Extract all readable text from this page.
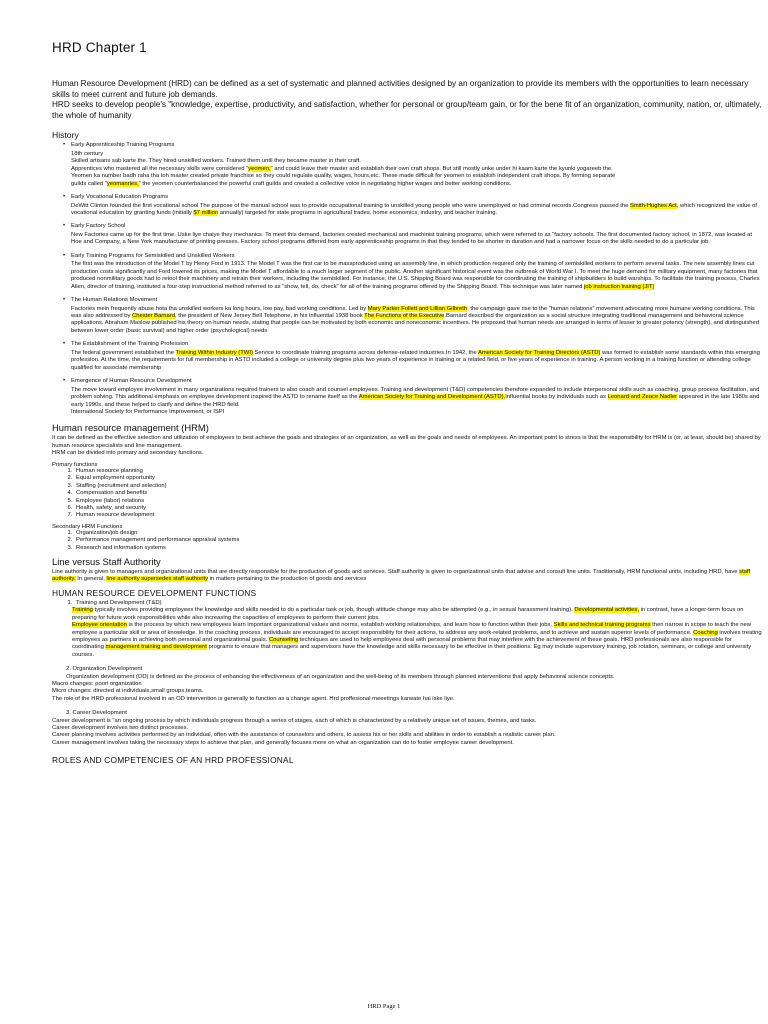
HRD Chapter 1

Human Resource Development (HRD) can be defined as a set of systematic and planned activities designed by an organization to provide its members with the opportunities to learn necessary skills to meet current and future job demands.
HRD seeks to develop people's "knowledge, expertise, productivity, and satisfaction, whether for personal or group/team gain, or for the bene fit of an organization, community, nation, or, ultimately, the whole of humanity

History

• Early Apprenticeship Training Programs

18th century

Skilled artisans sab karte the. They hired unskilled workers. Trained them until they became master in their craft.

Apprentices who mastered all the necessary skills were considered "yeomen," and could leave their master and establish their own craft shops. But still mostly unke under hi kaam karte the kyunki yogareeb the.

Yeomen ka number badh raha tha toh master created private franchise so they could regulate quality, wages, hours,etc. These made difficult for yeomen to establish independent craft shops. By forming separate

guilds called "yeomanries," the yeomen counterbalanced the powerful craft guilds and created a collective voice in negotiating higher wages and better working conditions.

• Early Vocational Education Programs

DeWitt Clinton founded the first vocational school The purpose of the manual school was to provide occupational training to unskilled young people who were unemployed or had criminal records.Congress passed the Smith-Hughes Act, which recognized the value of vocational education by granting funds (initially $7 million annually) targeted for state programs in agricultural trades, home economics, industry, and teacher training.

• Early Factory School

New Factories came up for the first time. Uske liye chaiye they mechanics. To meet this demand, factories created mechanical and machinist training programs, which were referred to as "factory schools. The first documented factory school, in 1872, was located at Hoe and Company, a New York manufacturer of printing presses. Factory school programs differed from early apprenticeship programs in that they tended to be shorter in duration and had a narrower focus on the skills needed to do a particular job.

• Early Training Programs for Semiskilled and Unskilled Workers

The first was the introduction of the Model T by Henry Ford in 1913. The Model T was the first car to be massproduced using an assembly line, in which production required only the training of semiskilled workers to perform several tasks. The new assembly lines cut production costs significantly and Ford lowered its prices, making the Model T affordable to a much larger segment of the public. Another significant historical event was the outbreak of World War I. To meet the huge demand for military equipment, many factories that produced nonmilitary goods had to retool their machinery and retrain their workers, including the semiskilled. For instance, the U.S. Shipping Board was responsible for coordinating the training of shipbuilders to build warships. To facilitate the training process, Charles Allen, director of training, instituted a four-step instructional method referred to as "show, tell, do, check" for all of the training programs offered by the Shipping Board. This technique was later named job instruction training (JIT)

• The Human Relations Movement

Factories mein frequently abuse hota tha unskilled workers ka long hours, low pay, bad working conditions. Led by Mary Parker Follett and Lillian Gilbreth, the campaign gave rise to the "human relations" movement advocating more humane working conditions. This was also addressed by Chester Barnard, the president of New Jersey Bell Telephone, in his influential 1938 book The Functions of the Executive.Barnard described the organization as a social structure integrating traditional management and behavioral science applications. Abraham Maslow published his theory on human needs, stating that people can be motivated by both economic and noneconomic incentives. He proposed that human needs are arranged in terms of lesser to greater potency (strength), and distinguished between lower order (basic survival) and higher order (psychological) needs

• The Establishment of the Training Profession

The federal government established the Training Within Industry (TWI) Service to coordinate training programs across defense-related industries.In 1942, the American Society for Training Directors (ASTD) was formed to establish some standards within this emerging profession. At the time, the requirements for full membership in ASTD included a college or university degree plus two years of experience in training or a related field, or five years of experience in training. A person working in a training function or attending college qualified for associate membership

• Emergence of Human Resource Development

The move toward employee involvement in many organizations required trainers to also coach and counsel employees. Training and development (T&D) competencies therefore expanded to include interpersonal skills such as coaching, group process facilitation, and problem solving. This additional emphasis on employee development inspired the ASTD to rename itself as the American Society for Training and Development (ASTD).Influential books by individuals such as Leonard and Zeace Nadler appeared in the late 1980s and early 1990s, and these helped to clarify and define the HRD field.

International Society for Performance Improvement, or ISPI

Human resource management (HRM)

It can be defined as the effective selection and utilization of employees to best achieve the goals and strategies of an organization, as well as the goals and needs of employees. An important point to stress is that the responsibility for HRM is (or, at least, should be) shared by human resource specialists and line management.

HRM can be divided into primary and secondary functions.

Primary functions

1. Human resource planning
2. Equal employment opportunity
3. Staffing (recruitment and selection)
4. Compensation and benefits
5. Employee (labor) relations
6. Health, safety, and security
7. Human resource development

Secondary HRM Functions

1. Organization/job design
2. Performance management and performance appraisal systems
3. Research and information systems
Line versus Staff Authority

Line authority is given to managers and organizational units that are directly responsible for the production of goods and services. Staff authority is given to organizational units that advise and consult line units. Traditionally, HRM functional units, including HRD, have staff authority. In general, line authority supersedes staff authority in matters pertaining to the production of goods and services

HUMAN RESOURCE DEVELOPMENT FUNCTIONS
1. Training and Development (T&D)

Training typically involves providing employees the knowledge and skills needed to do a particular task or job, though attitude change may also be attempted (e.g., in sexual harassment training). Developmental activities, in contrast, have a longer-term focus on preparing for future work responsibilities while also increasing the capacities of employees to perform their current jobs.

Employee orientation is the process by which new employees learn important organizational values and norms, establish working relationships, and learn how to function within their jobs. Skills and technical training programs then narrow in scope to teach the new employee a particular skill or area of knowledge. In the coaching process, individuals are encouraged to accept responsibility for their actions, to address any work-related problems, and to achieve and sustain superior levels of performance. Coaching involves treating employees as partners in achieving both personal and organizational goals. Counseling techniques are used to help employees deal with personal problems that may interfere with the achievement of these goals. HRD professionals are also responsible for coordinating management training and development programs to ensure that managers and supervisors have the knowledge and skills necessary to be effective in their positions. Eg may include supervisory training, job rotation, seminars, or college and university courses.

2. Organization Development

Organization development (OD) is defined as the process of enhancing the effectiveness of an organization and the well-being of its members through planned interventions that apply behavioral science concepts.

Macro changes: poori organization

Micro changes: directed at individuals,small groups,teams.

The role of the HRD professional involved in an OD intervention is generally to function as a change agent. Hrd proffesional meeetings karwate hai iske liye.

3. Career Development

Career development is "an ongoing process by which individuals progress through a series of stages, each of which is characterized by a relatively unique set of issues, themes, and tasks.

Career development involves two distinct processes.

Career planning involves activities performed by an individual, often with the assistance of counselors and others, to assess his or her skills and abilities in order to establish a realistic career plan.

Career management involves taking the necessary steps to achieve that plan, and generally focuses more on what an organization can do to foster employee career development.

ROLES AND COMPETENCIES OF AN HRD PROFESSIONAL
HRD Page 1
